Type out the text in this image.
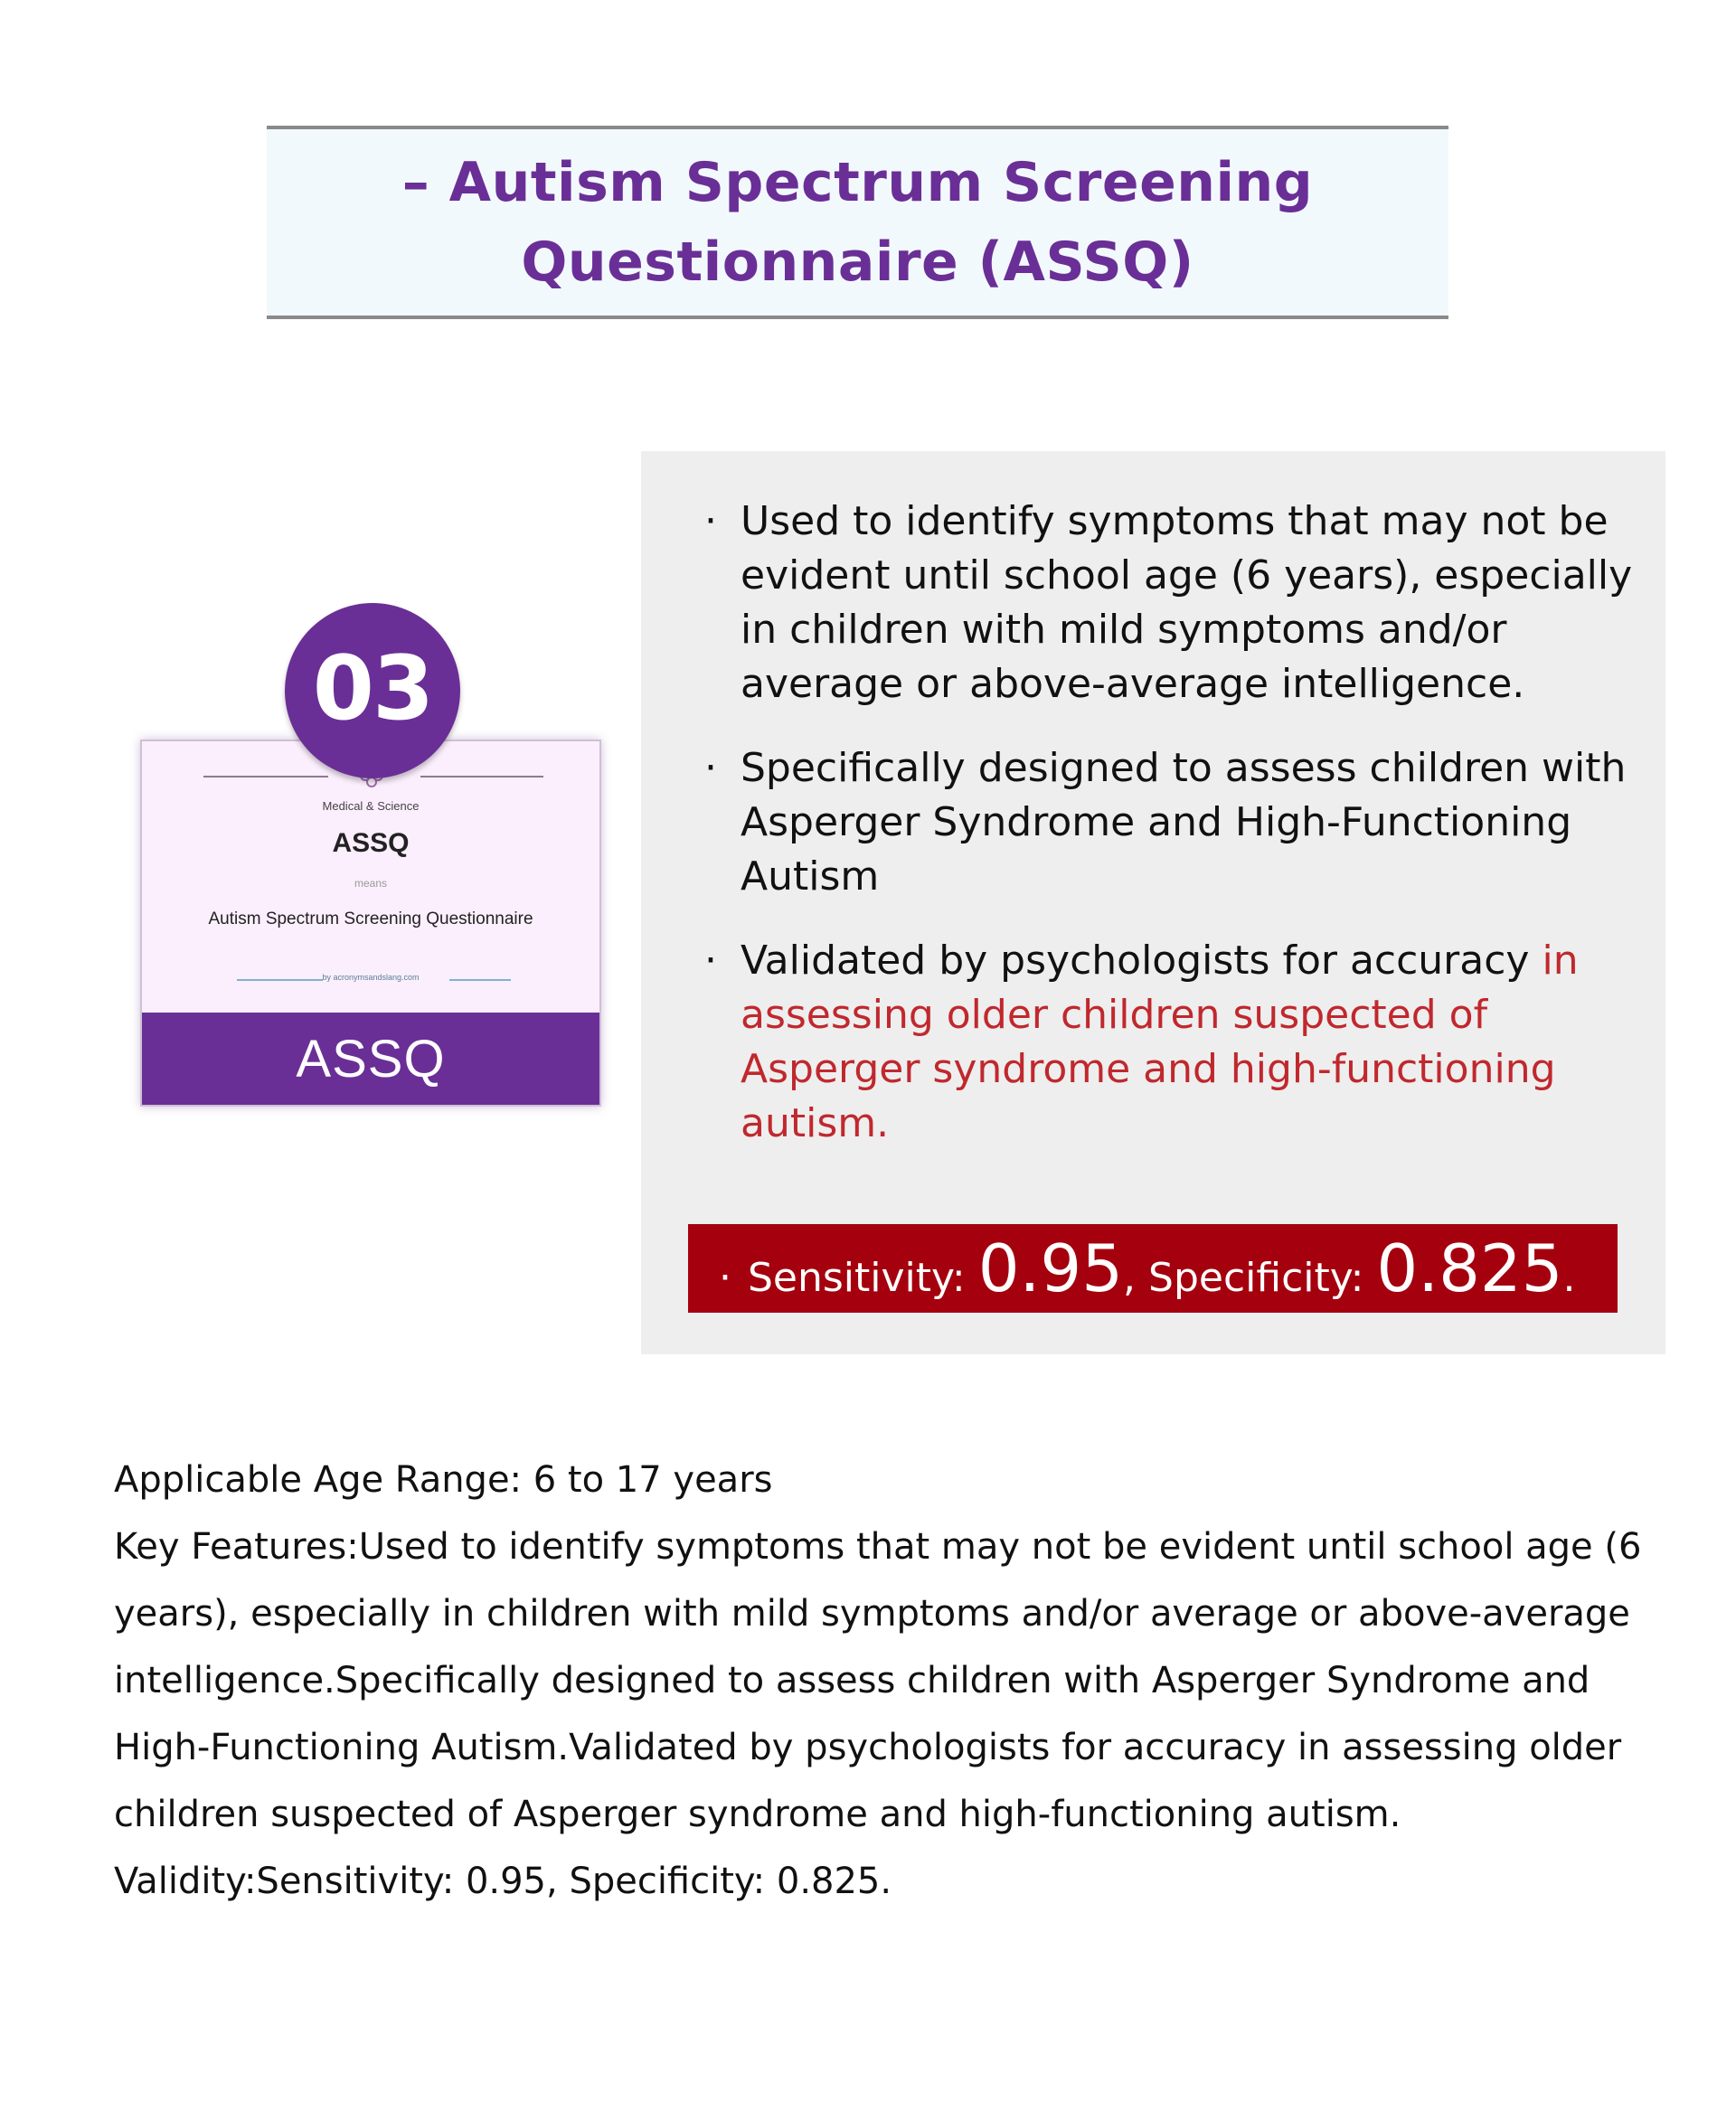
– Autism Spectrum Screening Questionnaire (ASSQ)
Medical & Science
ASSQ
means
Autism Spectrum Screening Questionnaire
by acronymsandslang.com
ASSQ
03
· Used to identify symptoms that may not be evident until school age (6 years), especially in children with mild symptoms and/or average or above-average intelligence.
· Specifically designed to assess children with Asperger Syndrome and High-Functioning Autism
· Validated by psychologists for accuracy in assessing older children suspected of Asperger syndrome and high-functioning autism.
· Sensitivity: 0.95 , Specificity: 0.825 .

Applicable Age Range: 6 to 17 years

Key Features:Used to identify symptoms that may not be evident until school age (6 years), especially in children with mild symptoms and/or average or above-average intelligence.Specifically designed to assess children with Asperger Syndrome and High-Functioning Autism.Validated by psychologists for accuracy in assessing older children suspected of Asperger syndrome and high-functioning autism.

Validity:Sensitivity: 0.95, Specificity: 0.825.
